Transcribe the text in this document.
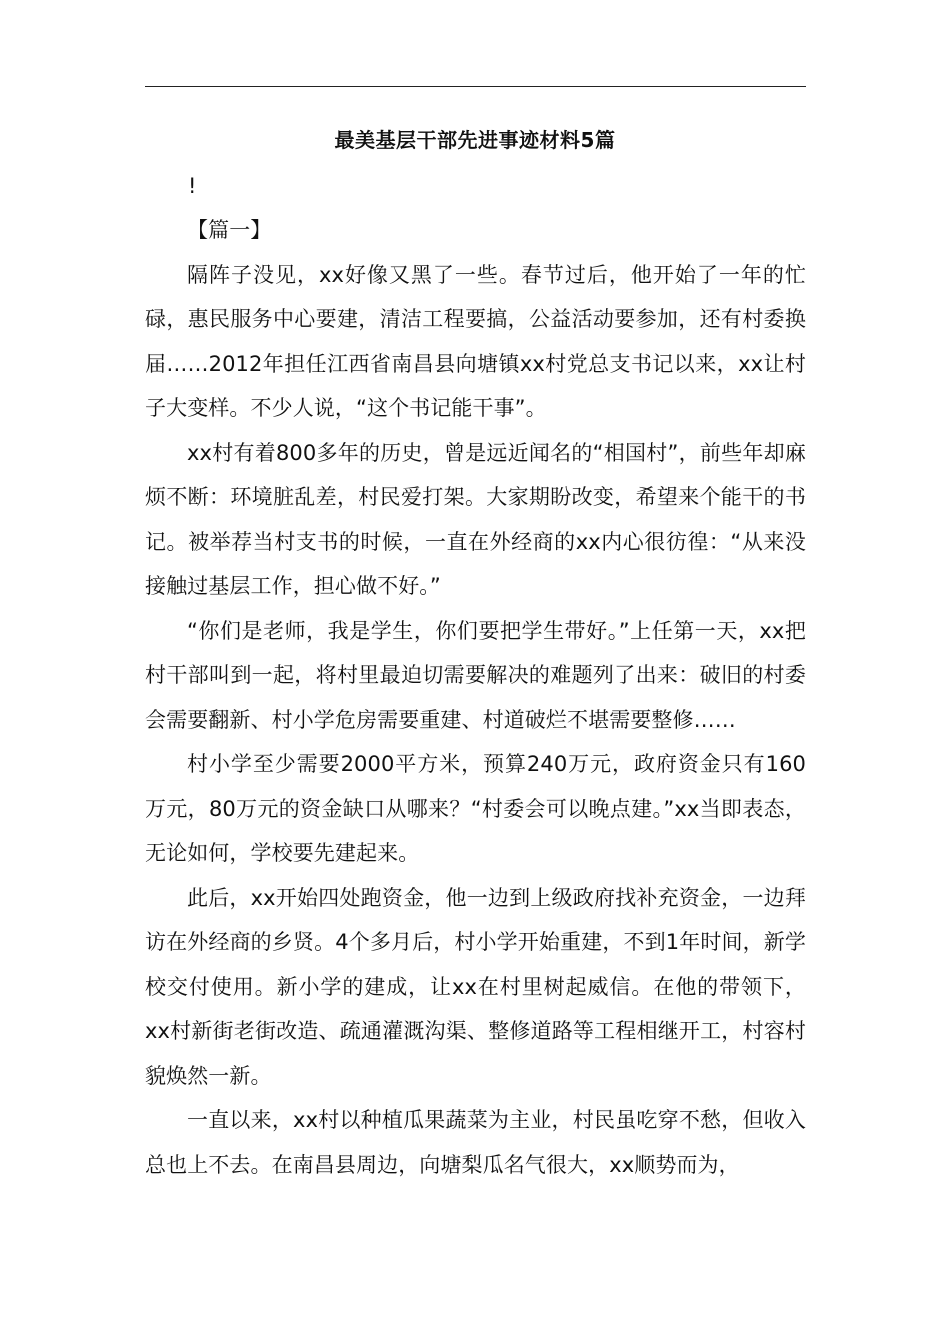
最美基层干部先进事迹材料5篇
!

【篇一】

隔阵子没见，xx好像又黑了一些。春节过后，他开始了一年的忙碌，惠民服务中心要建，清洁工程要搞，公益活动要参加，还有村委换届……2012年担任江西省南昌县向塘镇xx村党总支书记以来，xx让村子大变样。不少人说，“这个书记能干事”。

xx村有着800多年的历史，曾是远近闻名的“相国村”，前些年却麻烦不断：环境脏乱差，村民爱打架。大家期盼改变，希望来个能干的书记。被举荐当村支书的时候，一直在外经商的xx内心很彷徨：“从来没接触过基层工作，担心做不好。”

“你们是老师，我是学生，你们要把学生带好。”上任第一天，xx把村干部叫到一起，将村里最迫切需要解决的难题列了出来：破旧的村委会需要翻新、村小学危房需要重建、村道破烂不堪需要整修……

村小学至少需要2000平方米，预算240万元，政府资金只有160万元，80万元的资金缺口从哪来？“村委会可以晚点建。”xx当即表态，无论如何，学校要先建起来。

此后，xx开始四处跑资金，他一边到上级政府找补充资金，一边拜访在外经商的乡贤。4个多月后，村小学开始重建，不到1年时间，新学校交付使用。新小学的建成，让xx在村里树起威信。在他的带领下，xx村新街老街改造、疏通灌溉沟渠、整修道路等工程相继开工，村容村貌焕然一新。

一直以来，xx村以种植瓜果蔬菜为主业，村民虽吃穿不愁，但收入总也上不去。在南昌县周边，向塘梨瓜名气很大，xx顺势而为，
